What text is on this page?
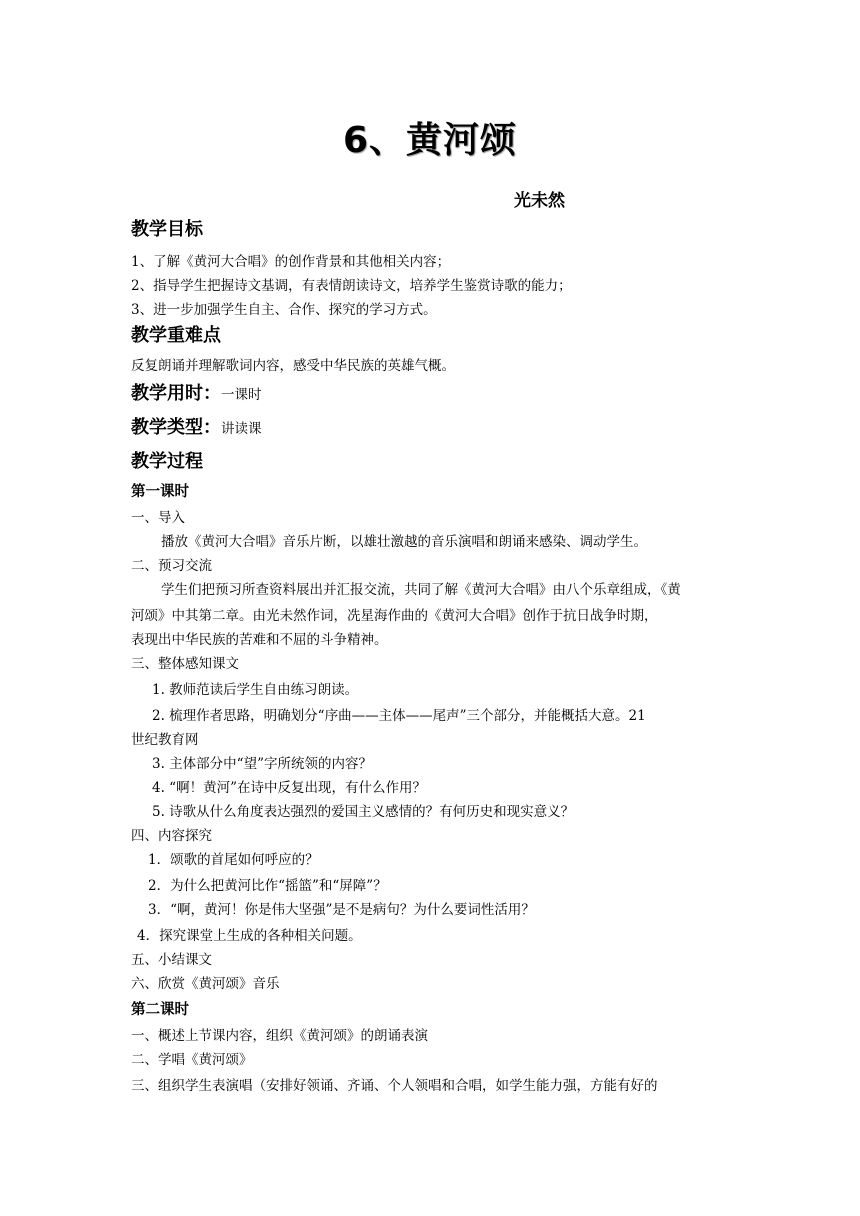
6、黄河颂
光未然
教学目标
1、了解《黄河大合唱》的创作背景和其他相关内容；
2、指导学生把握诗文基调，有表情朗读诗文，培养学生鉴赏诗歌的能力；
3、进一步加强学生自主、合作、探究的学习方式。
教学重难点
反复朗诵并理解歌词内容，感受中华民族的英雄气概。
教学用时：一课时
教学类型：讲读课
教学过程
第一课时
一、导入
播放《黄河大合唱》音乐片断，以雄壮激越的音乐演唱和朗诵来感染、调动学生。
二、预习交流
学生们把预习所查资料展出并汇报交流，共同了解《黄河大合唱》由八个乐章组成，《黄
河颂》中其第二章。由光未然作词，冼星海作曲的《黄河大合唱》创作于抗日战争时期，
表现出中华民族的苦难和不屈的斗争精神。
三、整体感知课文
1. 教师范读后学生自由练习朗读。
2. 梳理作者思路，明确划分“序曲——主体——尾声”三个部分，并能概括大意。21
世纪教育网
3. 主体部分中“望”字所统领的内容？
4. “啊！黄河”在诗中反复出现，有什么作用？
5. 诗歌从什么角度表达强烈的爱国主义感情的？有何历史和现实意义？
四、内容探究
1．颂歌的首尾如何呼应的？
2．为什么把黄河比作“摇篮”和“屏障”？
3．“啊，黄河！你是伟大坚强”是不是病句？为什么要词性活用？
4．探究课堂上生成的各种相关问题。
五、小结课文
六、欣赏《黄河颂》音乐
第二课时
一、概述上节课内容，组织《黄河颂》的朗诵表演
二、学唱《黄河颂》
三、组织学生表演唱（安排好领诵、齐诵、个人领唱和合唱，如学生能力强，方能有好的
